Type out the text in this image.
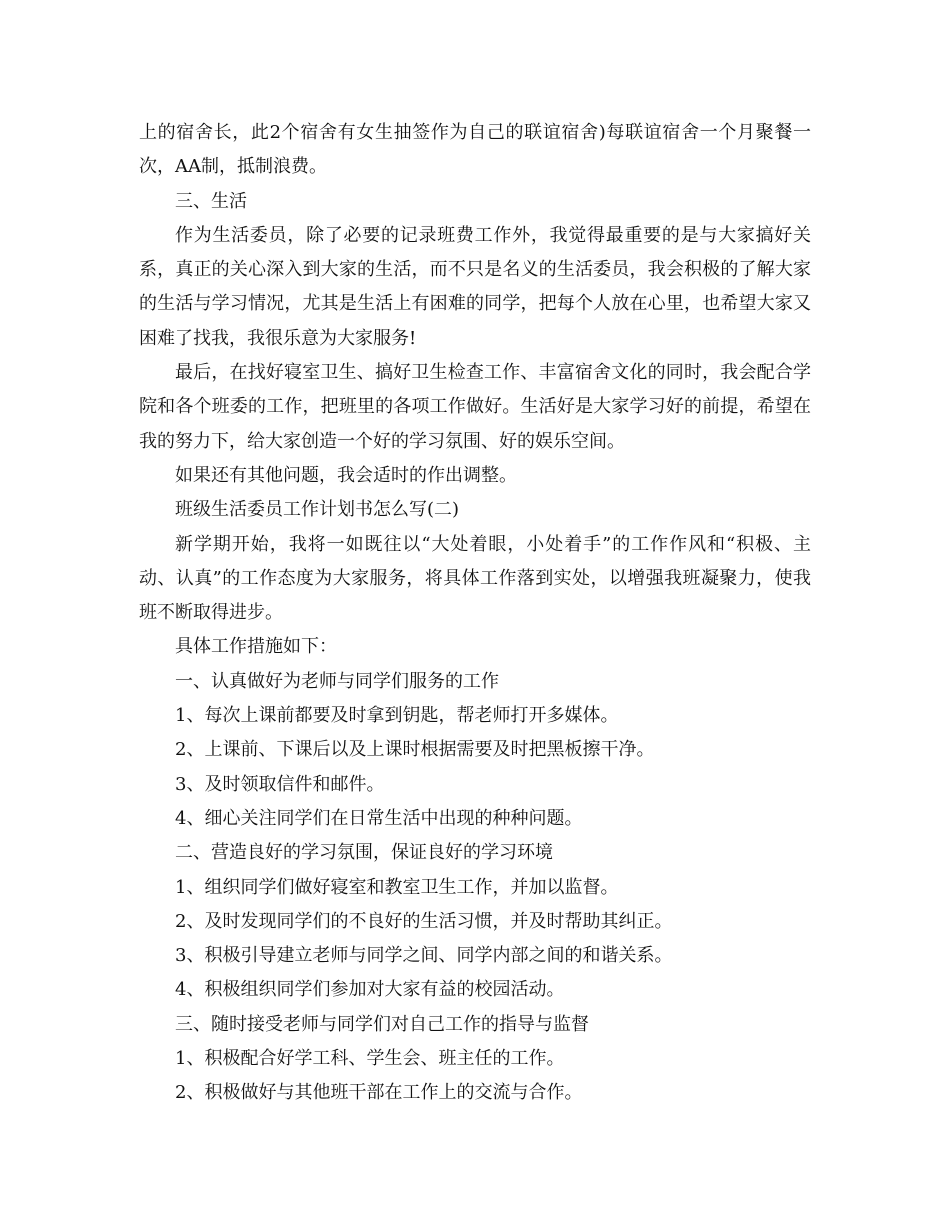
上的宿舍长，此2个宿舍有女生抽签作为自己的联谊宿舍)每联谊宿舍一个月聚餐一次，AA制，抵制浪费。

三、生活

作为生活委员，除了必要的记录班费工作外，我觉得最重要的是与大家搞好关系，真正的关心深入到大家的生活，而不只是名义的生活委员，我会积极的了解大家的生活与学习情况，尤其是生活上有困难的同学，把每个人放在心里，也希望大家又困难了找我，我很乐意为大家服务!

最后，在找好寝室卫生、搞好卫生检查工作、丰富宿舍文化的同时，我会配合学院和各个班委的工作，把班里的各项工作做好。生活好是大家学习好的前提，希望在我的努力下，给大家创造一个好的学习氛围、好的娱乐空间。

如果还有其他问题，我会适时的作出调整。

班级生活委员工作计划书怎么写(二)

新学期开始，我将一如既往以“大处着眼，小处着手”的工作作风和“积极、主动、认真”的工作态度为大家服务，将具体工作落到实处，以增强我班凝聚力，使我班不断取得进步。

具体工作措施如下：

一、认真做好为老师与同学们服务的工作

1、每次上课前都要及时拿到钥匙，帮老师打开多媒体。

2、上课前、下课后以及上课时根据需要及时把黑板擦干净。

3、及时领取信件和邮件。

4、细心关注同学们在日常生活中出现的种种问题。

二、营造良好的学习氛围，保证良好的学习环境

1、组织同学们做好寝室和教室卫生工作，并加以监督。

2、及时发现同学们的不良好的生活习惯，并及时帮助其纠正。

3、积极引导建立老师与同学之间、同学内部之间的和谐关系。

4、积极组织同学们参加对大家有益的校园活动。

三、随时接受老师与同学们对自己工作的指导与监督

1、积极配合好学工科、学生会、班主任的工作。

2、积极做好与其他班干部在工作上的交流与合作。
